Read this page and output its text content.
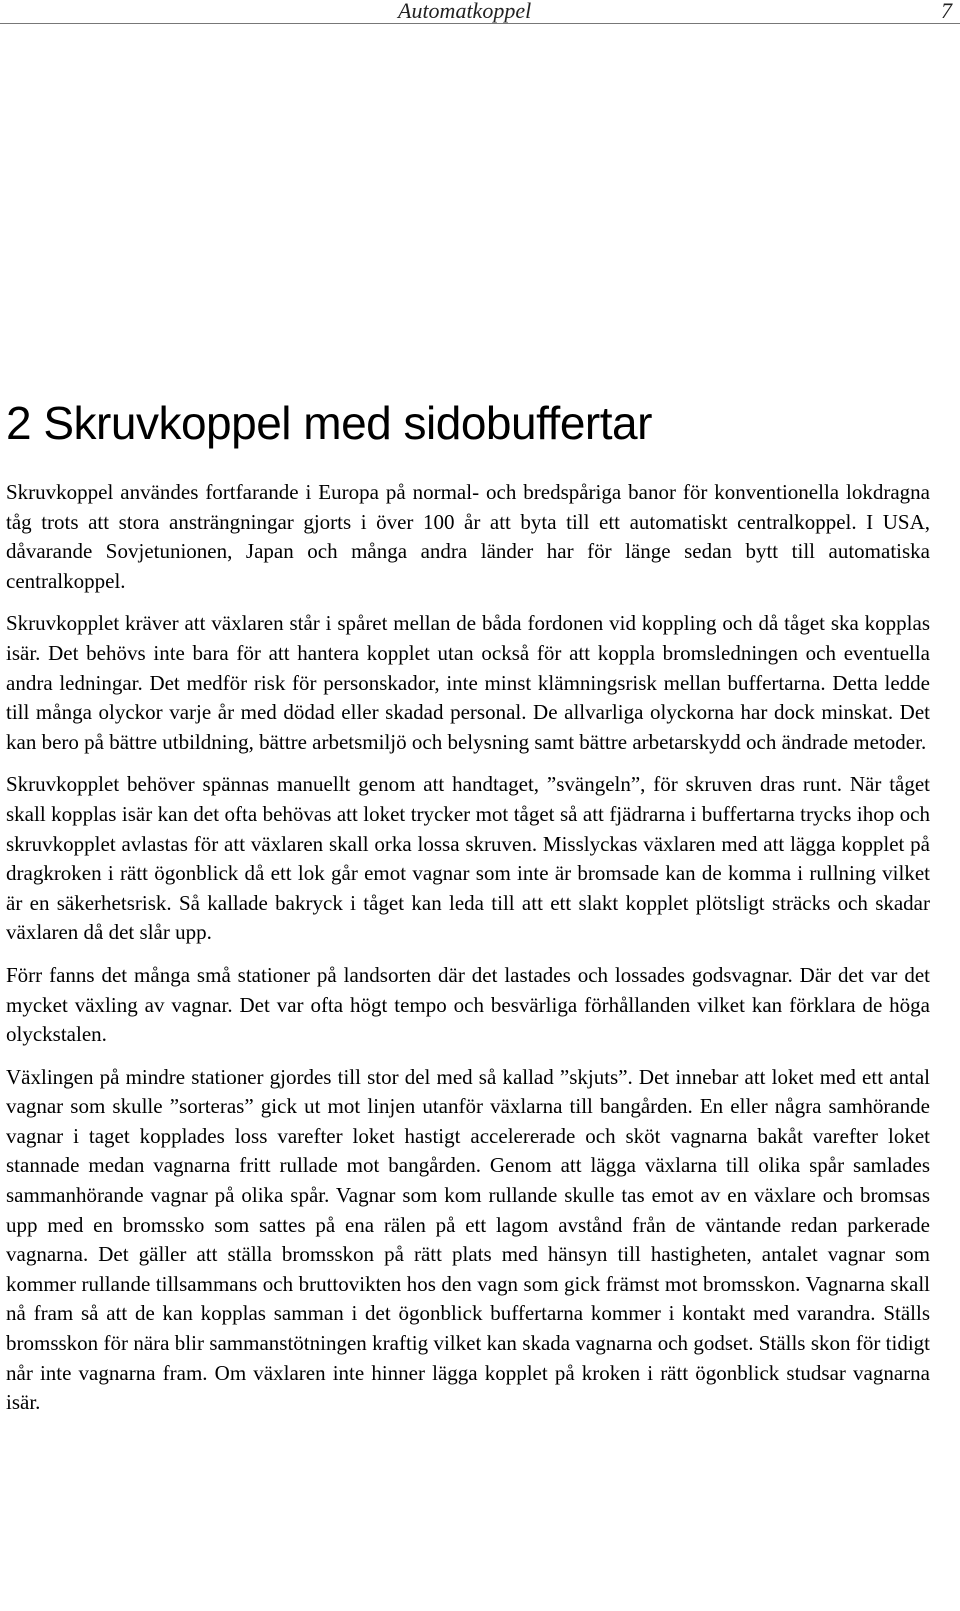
Automatkoppel	7
2 Skruvkoppel med sidobuffertar

Skruvkoppel användes fortfarande i Europa på normal- och bredspåriga banor för konventionella lokdragna tåg trots att stora ansträngningar gjorts i över 100 år att byta till ett automatiskt centralkoppel. I USA, dåvarande Sovjetunionen, Japan och många andra länder har för länge sedan bytt till automatiska centralkoppel.

Skruvkopplet kräver att växlaren står i spåret mellan de båda fordonen vid koppling och då tåget ska kopplas isär. Det behövs inte bara för att hantera kopplet utan också för att koppla bromsledningen och eventuella andra ledningar. Det medför risk för personskador, inte minst klämningsrisk mellan buffertarna. Detta ledde till många olyckor varje år med dödad eller skadad personal. De allvarliga olyckorna har dock minskat. Det kan bero på bättre utbildning, bättre arbetsmiljö och belysning samt bättre arbetarskydd och ändrade metoder.

Skruvkopplet behöver spännas manuellt genom att handtaget, ”svängeln”, för skruven dras runt. När tåget skall kopplas isär kan det ofta behövas att loket trycker mot tåget så att fjädrarna i buffertarna trycks ihop och skruvkopplet avlastas för att växlaren skall orka lossa skruven. Misslyckas växlaren med att lägga kopplet på dragkroken i rätt ögonblick då ett lok går emot vagnar som inte är bromsade kan de komma i rullning vilket är en säkerhetsrisk. Så kallade bakryck i tåget kan leda till att ett slakt kopplet plötsligt sträcks och skadar växlaren då det slår upp.

Förr fanns det många små stationer på landsorten där det lastades och lossades godsvagnar. Där det var det mycket växling av vagnar. Det var ofta högt tempo och besvärliga förhållanden vilket kan förklara de höga olyckstalen.

Växlingen på mindre stationer gjordes till stor del med så kallad ”skjuts”. Det innebar att loket med ett antal vagnar som skulle ”sorteras” gick ut mot linjen utanför växlarna till bangården. En eller några samhörande vagnar i taget kopplades loss varefter loket hastigt accelererade och sköt vagnarna bakåt varefter loket stannade medan vagnarna fritt rullade mot bangården. Genom att lägga växlarna till olika spår samlades sammanhörande vagnar på olika spår. Vagnar som kom rullande skulle tas emot av en växlare och bromsas upp med en bromssko som sattes på ena rälen på ett lagom avstånd från de väntande redan parkerade vagnarna. Det gäller att ställa bromsskon på rätt plats med hänsyn till hastigheten, antalet vagnar som kommer rullande tillsammans och bruttovikten hos den vagn som gick främst mot bromsskon. Vagnarna skall nå fram så att de kan kopplas samman i det ögonblick buffertarna kommer i kontakt med varandra. Ställs bromsskon för nära blir sammanstötningen kraftig vilket kan skada vagnarna och godset. Ställs skon för tidigt når inte vagnarna fram. Om växlaren inte hinner lägga kopplet på kroken i rätt ögonblick studsar vagnarna isär.
